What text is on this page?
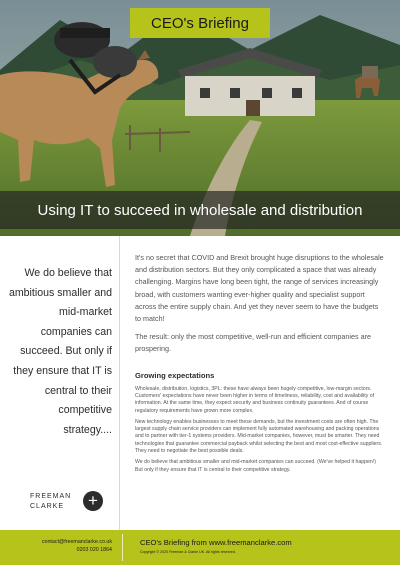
CEO's Briefing
Using IT to succeed in wholesale and distribution
We do believe that ambitious smaller and mid-market companies can succeed. But only if they ensure that IT is central to their competitive strategy....
FREEMAN
CLARKE	+

It's no secret that COVID and Brexit brought huge disruptions to the wholesale and distribution sectors. But they only complicated a space that was already challenging. Margins have long been tight, the range of services increasingly broad, with customers wanting ever-higher quality and specialist support across the entire supply chain. And yet they never seem to have the budgets to match!

The result: only the most competitive, well-run and efficient companies are prospering.

Growing expectations

Wholesale, distribution, logistics, 3PL: these have always been hugely competitive, low-margin sectors. Customers' expectations have never been higher in terms of timeliness, reliability, cost and availability of information. At the same time, they expect security and business continuity guarantees. And of course regulatory requirements have grown more complex.

New technology enables businesses to meet these demands, but the investment costs are often high. The largest supply chain service providers can implement fully automated warehousing and packing operations and to partner with tier-1 systems providers. Mid-market companies, however, must be smarter. They need technologies that guarantee commercial payback whilst selecting the best and most cost-effective suppliers. They need to negotiate the best possible deals.

We do believe that ambitious smaller and mid-market companies can succeed. (We've helped it happen!) But only if they ensure that IT is central to their competitive strategy.

contact@freemanclarke.co.uk
0203 020 1864
CEO's Briefing from www.freemanclarke.com
Copyright © 2020 Freeman & Clarke UK. All rights reserved.
